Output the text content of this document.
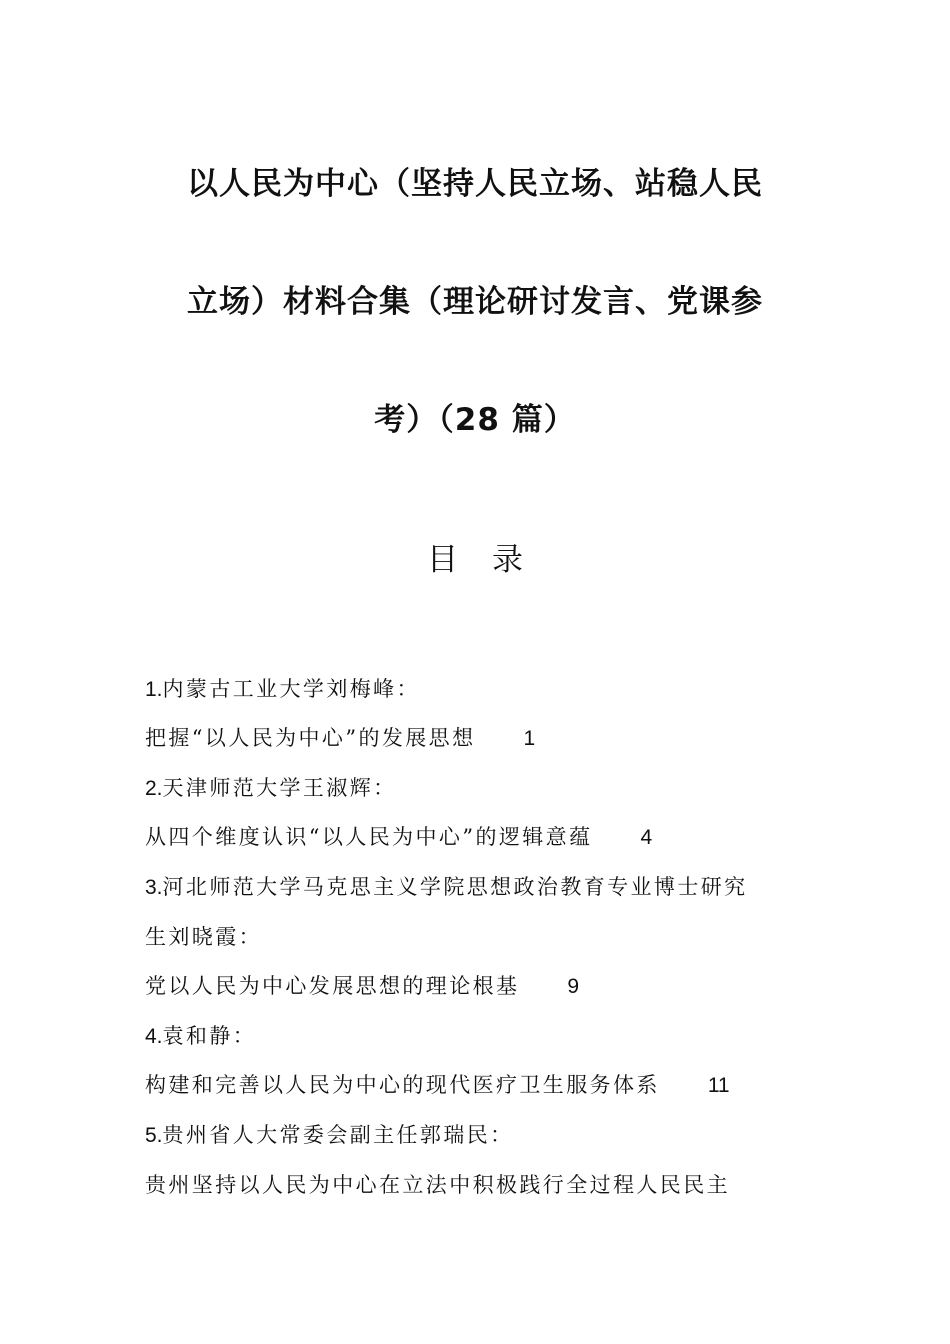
以人民为中心（坚持人民立场、站稳人民
立场）材料合集（理论研讨发言、党课参
考）（28 篇）
目录
1.内蒙古工业大学刘梅峰：
把握“以人民为中心”的发展思想 1
2.天津师范大学王淑辉：
从四个维度认识“以人民为中心”的逻辑意蕴 4
3.河北师范大学马克思主义学院思想政治教育专业博士研究
生刘晓霞：
党以人民为中心发展思想的理论根基 9
4.袁和静：
构建和完善以人民为中心的现代医疗卫生服务体系 11
5.贵州省人大常委会副主任郭瑞民：
贵州坚持以人民为中心在立法中积极践行全过程人民民主
